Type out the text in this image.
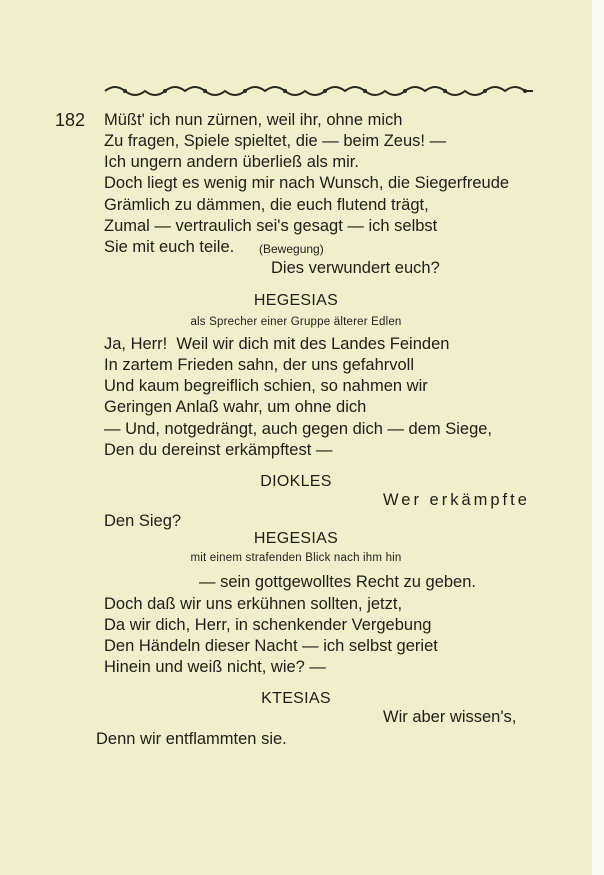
182 Müßt' ich nun zürnen, weil ihr, ohne mich
Zu fragen, Spiele spieltet, die — beim Zeus! —
Ich ungern andern überließ als mir.
Doch liegt es wenig mir nach Wunsch, die Siegerfreude
Grämlich zu dämmen, die euch flutend trägt,
Zumal — vertraulich sei's gesagt — ich selbst
Sie mit euch teile. (Bewegung)
Dies verwundert euch?
HEGESIAS
als Sprecher einer Gruppe älterer Edlen
Ja, Herr!  Weil wir dich mit des Landes Feinden
In zartem Frieden sahn, der uns gefahrvoll
Und kaum begreiflich schien, so nahmen wir
Geringen Anlaß wahr, um ohne dich
— Und, notgedrängt, auch gegen dich — dem Siege,
Den du dereinst erkämpftest —
DIOKLES
Wer erkämpfte
Den Sieg?
HEGESIAS
mit einem strafenden Blick nach ihm hin
— sein gottgewolltes Recht zu geben.
Doch daß wir uns erkühnen sollten, jetzt,
Da wir dich, Herr, in schenkender Vergebung
Den Händeln dieser Nacht — ich selbst geriet
Hinein und weiß nicht, wie? —
KTESIAS
Wir aber wissen's,
Denn wir entflammten sie.
